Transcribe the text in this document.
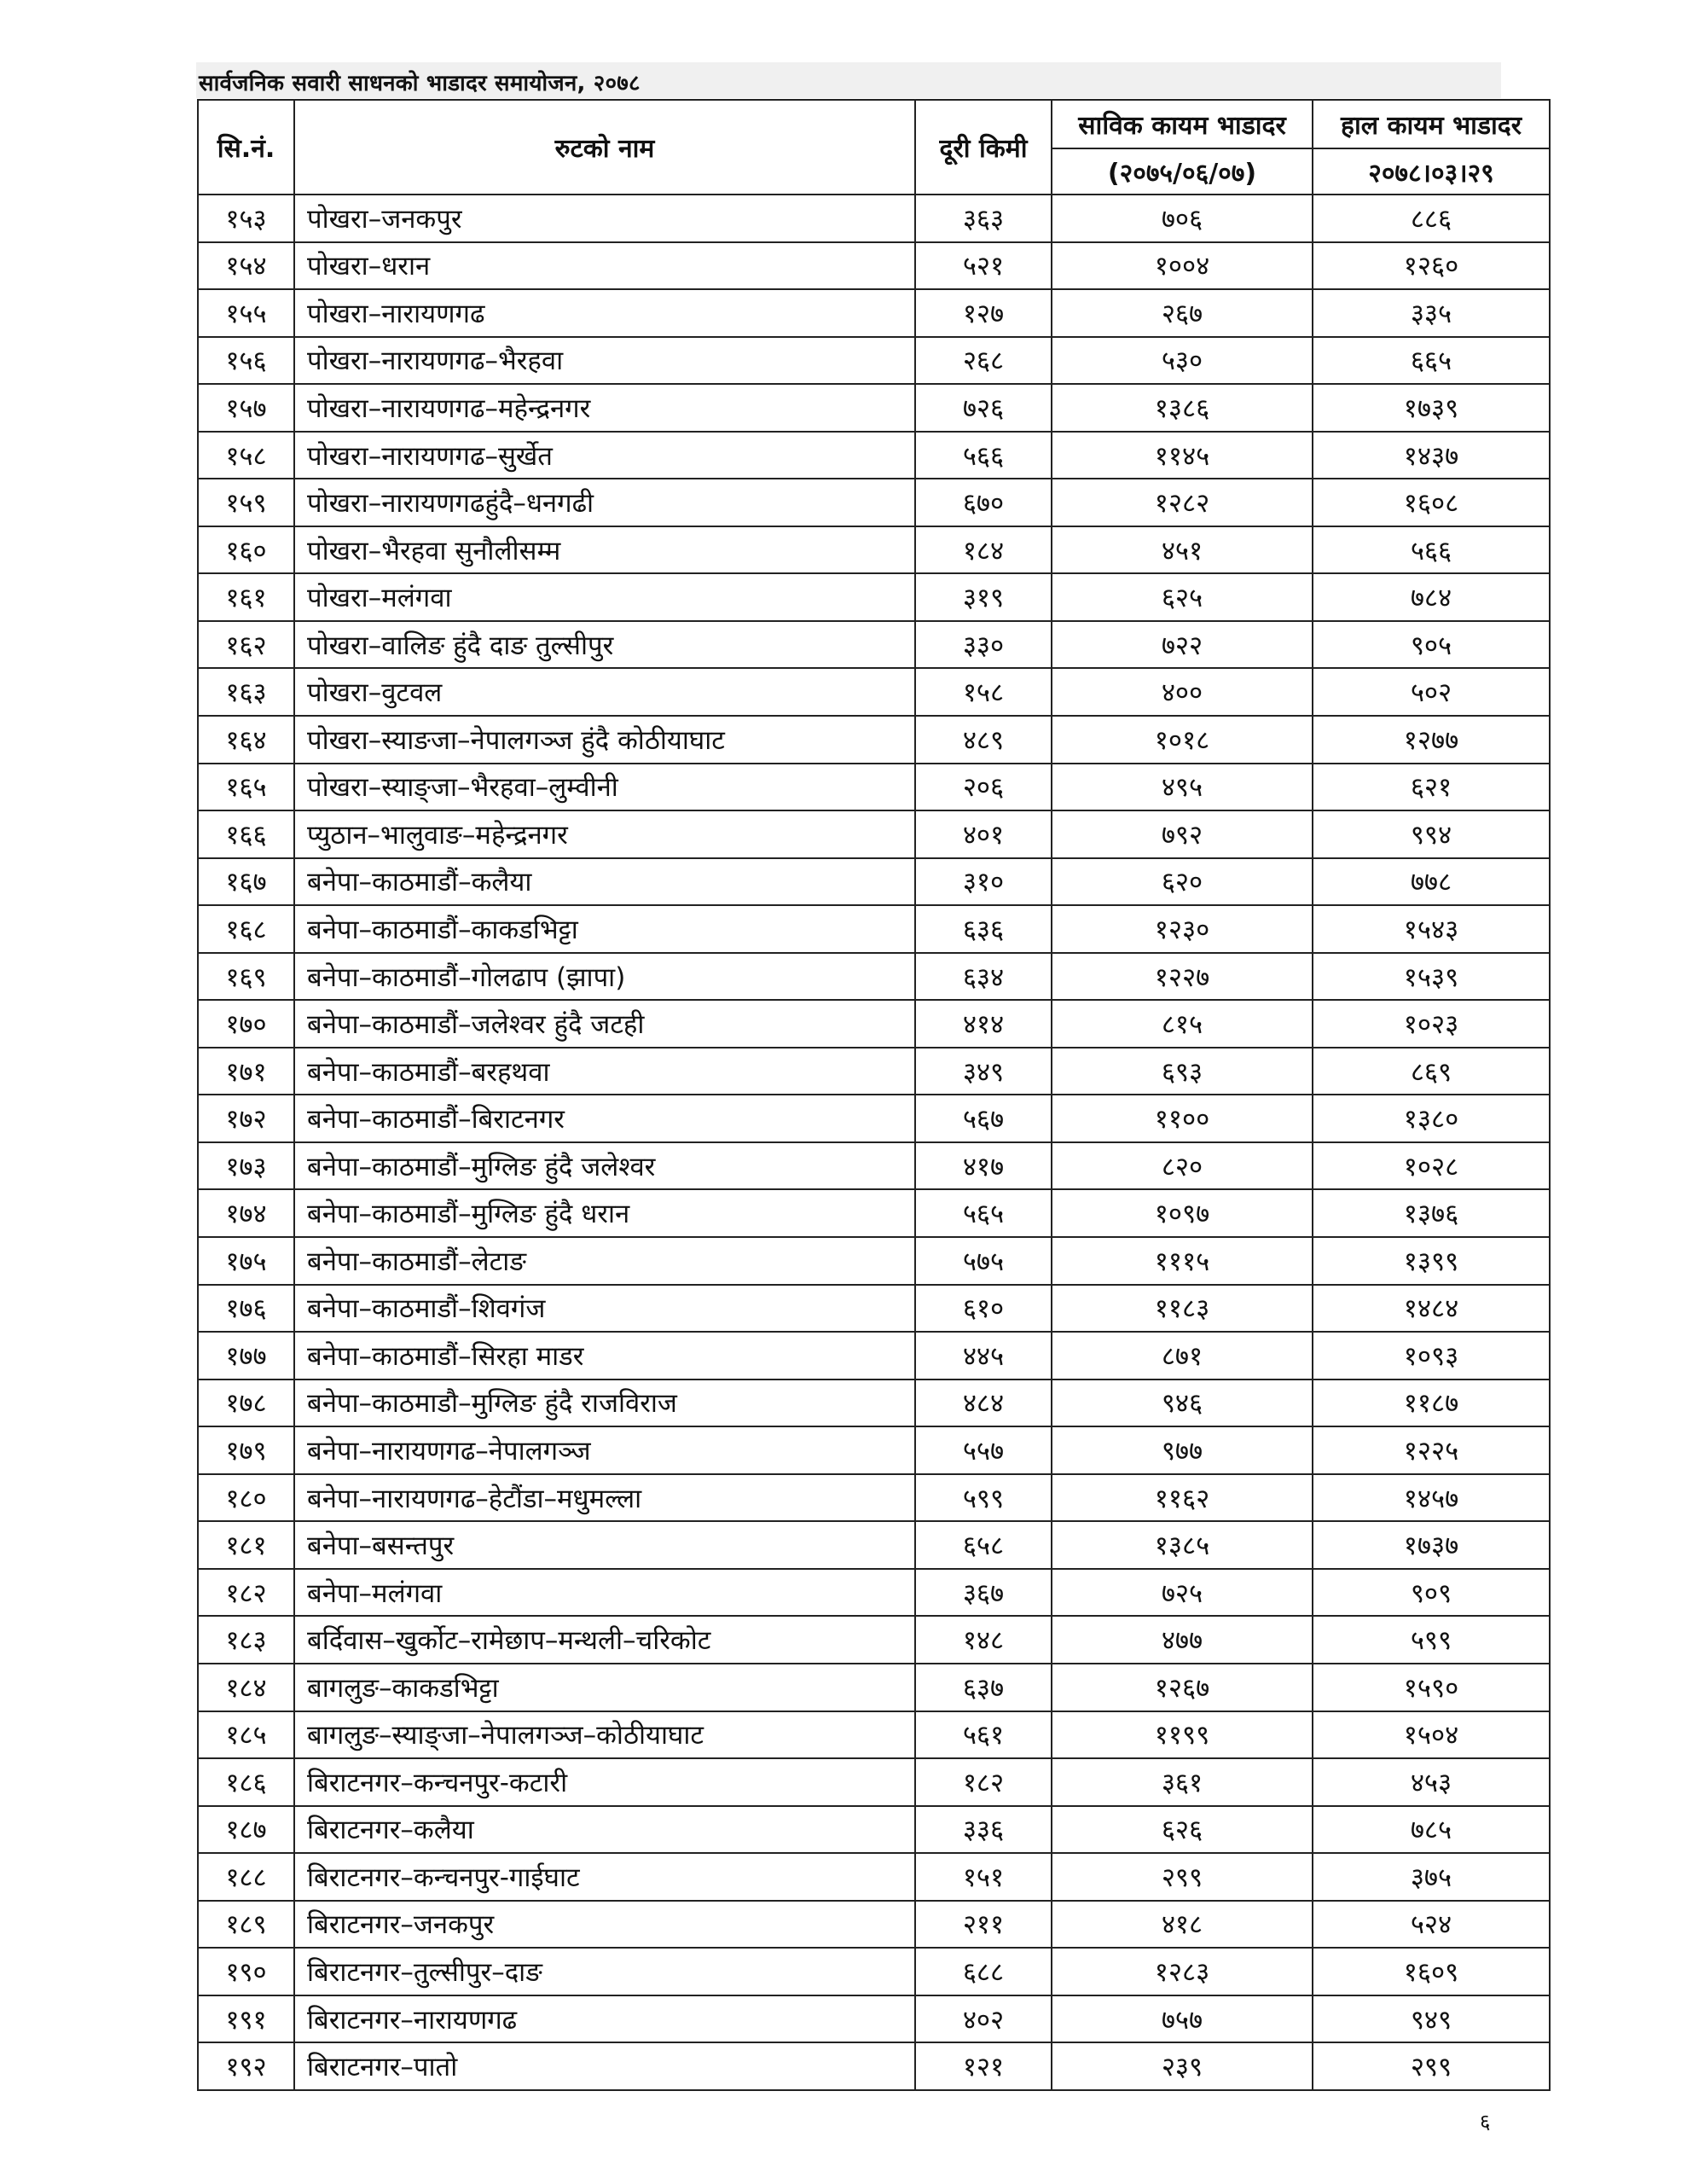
सार्वजनिक सवारी साधनको भाडादर समायोजन, २०७८
सि.नं.	रुटको नाम	दूरी किमी	साविक कायम भाडादर	हाल कायम भाडादर
			(२०७५/०६/०७)	२०७८।०३।२९
१५३	पोखरा–जनकपुर	३६३	७०६	८८६
१५४	पोखरा–धरान	५२१	१००४	१२६०
१५५	पोखरा–नारायणगढ	१२७	२६७	३३५
१५६	पोखरा–नारायणगढ–भैरहवा	२६८	५३०	६६५
१५७	पोखरा–नारायणगढ–महेन्द्रनगर	७२६	१३८६	१७३९
१५८	पोखरा–नारायणगढ–सुर्खेत	५६६	११४५	१४३७
१५९	पोखरा–नारायणगढहुंदै–धनगढी	६७०	१२८२	१६०८
१६०	पोखरा–भैरहवा सुनौलीसम्म	१८४	४५१	५६६
१६१	पोखरा–मलंगवा	३१९	६२५	७८४
१६२	पोखरा–वालिङ हुंदै दाङ तुल्सीपुर	३३०	७२२	९०५
१६३	पोखरा–वुटवल	१५८	४००	५०२
१६४	पोखरा–स्याङजा–नेपालगञ्ज हुंदै कोठीयाघाट	४८९	१०१८	१२७७
१६५	पोखरा–स्याङ्जा–भैरहवा–लुम्वीनी	२०६	४९५	६२१
१६६	प्युठान–भालुवाङ–महेन्द्रनगर	४०१	७९२	९९४
१६७	बनेपा–काठमाडौं–कलैया	३१०	६२०	७७८
१६८	बनेपा–काठमाडौं–काकडभिट्टा	६३६	१२३०	१५४३
१६९	बनेपा–काठमाडौं–गोलढाप (झापा)	६३४	१२२७	१५३९
१७०	बनेपा–काठमाडौं–जलेश्वर हुंदै जटही	४१४	८१५	१०२३
१७१	बनेपा–काठमाडौं–बरहथवा	३४९	६९३	८६९
१७२	बनेपा–काठमाडौं–बिराटनगर	५६७	११००	१३८०
१७३	बनेपा–काठमाडौं–मुग्लिङ हुंदै जलेश्वर	४१७	८२०	१०२८
१७४	बनेपा–काठमाडौं–मुग्लिङ हुंदै धरान	५६५	१०९७	१३७६
१७५	बनेपा–काठमाडौं–लेटाङ	५७५	१११५	१३९९
१७६	बनेपा–काठमाडौं–शिवगंज	६१०	११८३	१४८४
१७७	बनेपा–काठमाडौं–सिरहा माडर	४४५	८७१	१०९३
१७८	बनेपा–काठमाडौ–मुग्लिङ हुंदै राजविराज	४८४	९४६	११८७
१७९	बनेपा–नारायणगढ–नेपालगञ्ज	५५७	९७७	१२२५
१८०	बनेपा–नारायणगढ–हेटौंडा–मधुमल्ला	५९९	११६२	१४५७
१८१	बनेपा–बसन्तपुर	६५८	१३८५	१७३७
१८२	बनेपा–मलंगवा	३६७	७२५	९०९
१८३	बर्दिवास–खुर्कोट–रामेछाप–मन्थली–चरिकोट	१४८	४७७	५९९
१८४	बागलुङ–काकडभिट्टा	६३७	१२६७	१५९०
१८५	बागलुङ–स्याङ्जा–नेपालगञ्ज–कोठीयाघाट	५६१	११९९	१५०४
१८६	बिराटनगर–कन्चनपुर-कटारी	१८२	३६१	४५३
१८७	बिराटनगर–कलैया	३३६	६२६	७८५
१८८	बिराटनगर–कन्चनपुर-गाईघाट	१५१	२९९	३७५
१८९	बिराटनगर–जनकपुर	२११	४१८	५२४
१९०	बिराटनगर–तुल्सीपुर–दाङ	६८८	१२८३	१६०९
१९१	बिराटनगर–नारायणगढ	४०२	७५७	९४९
१९२	बिराटनगर–पातो	१२१	२३९	२९९
६
